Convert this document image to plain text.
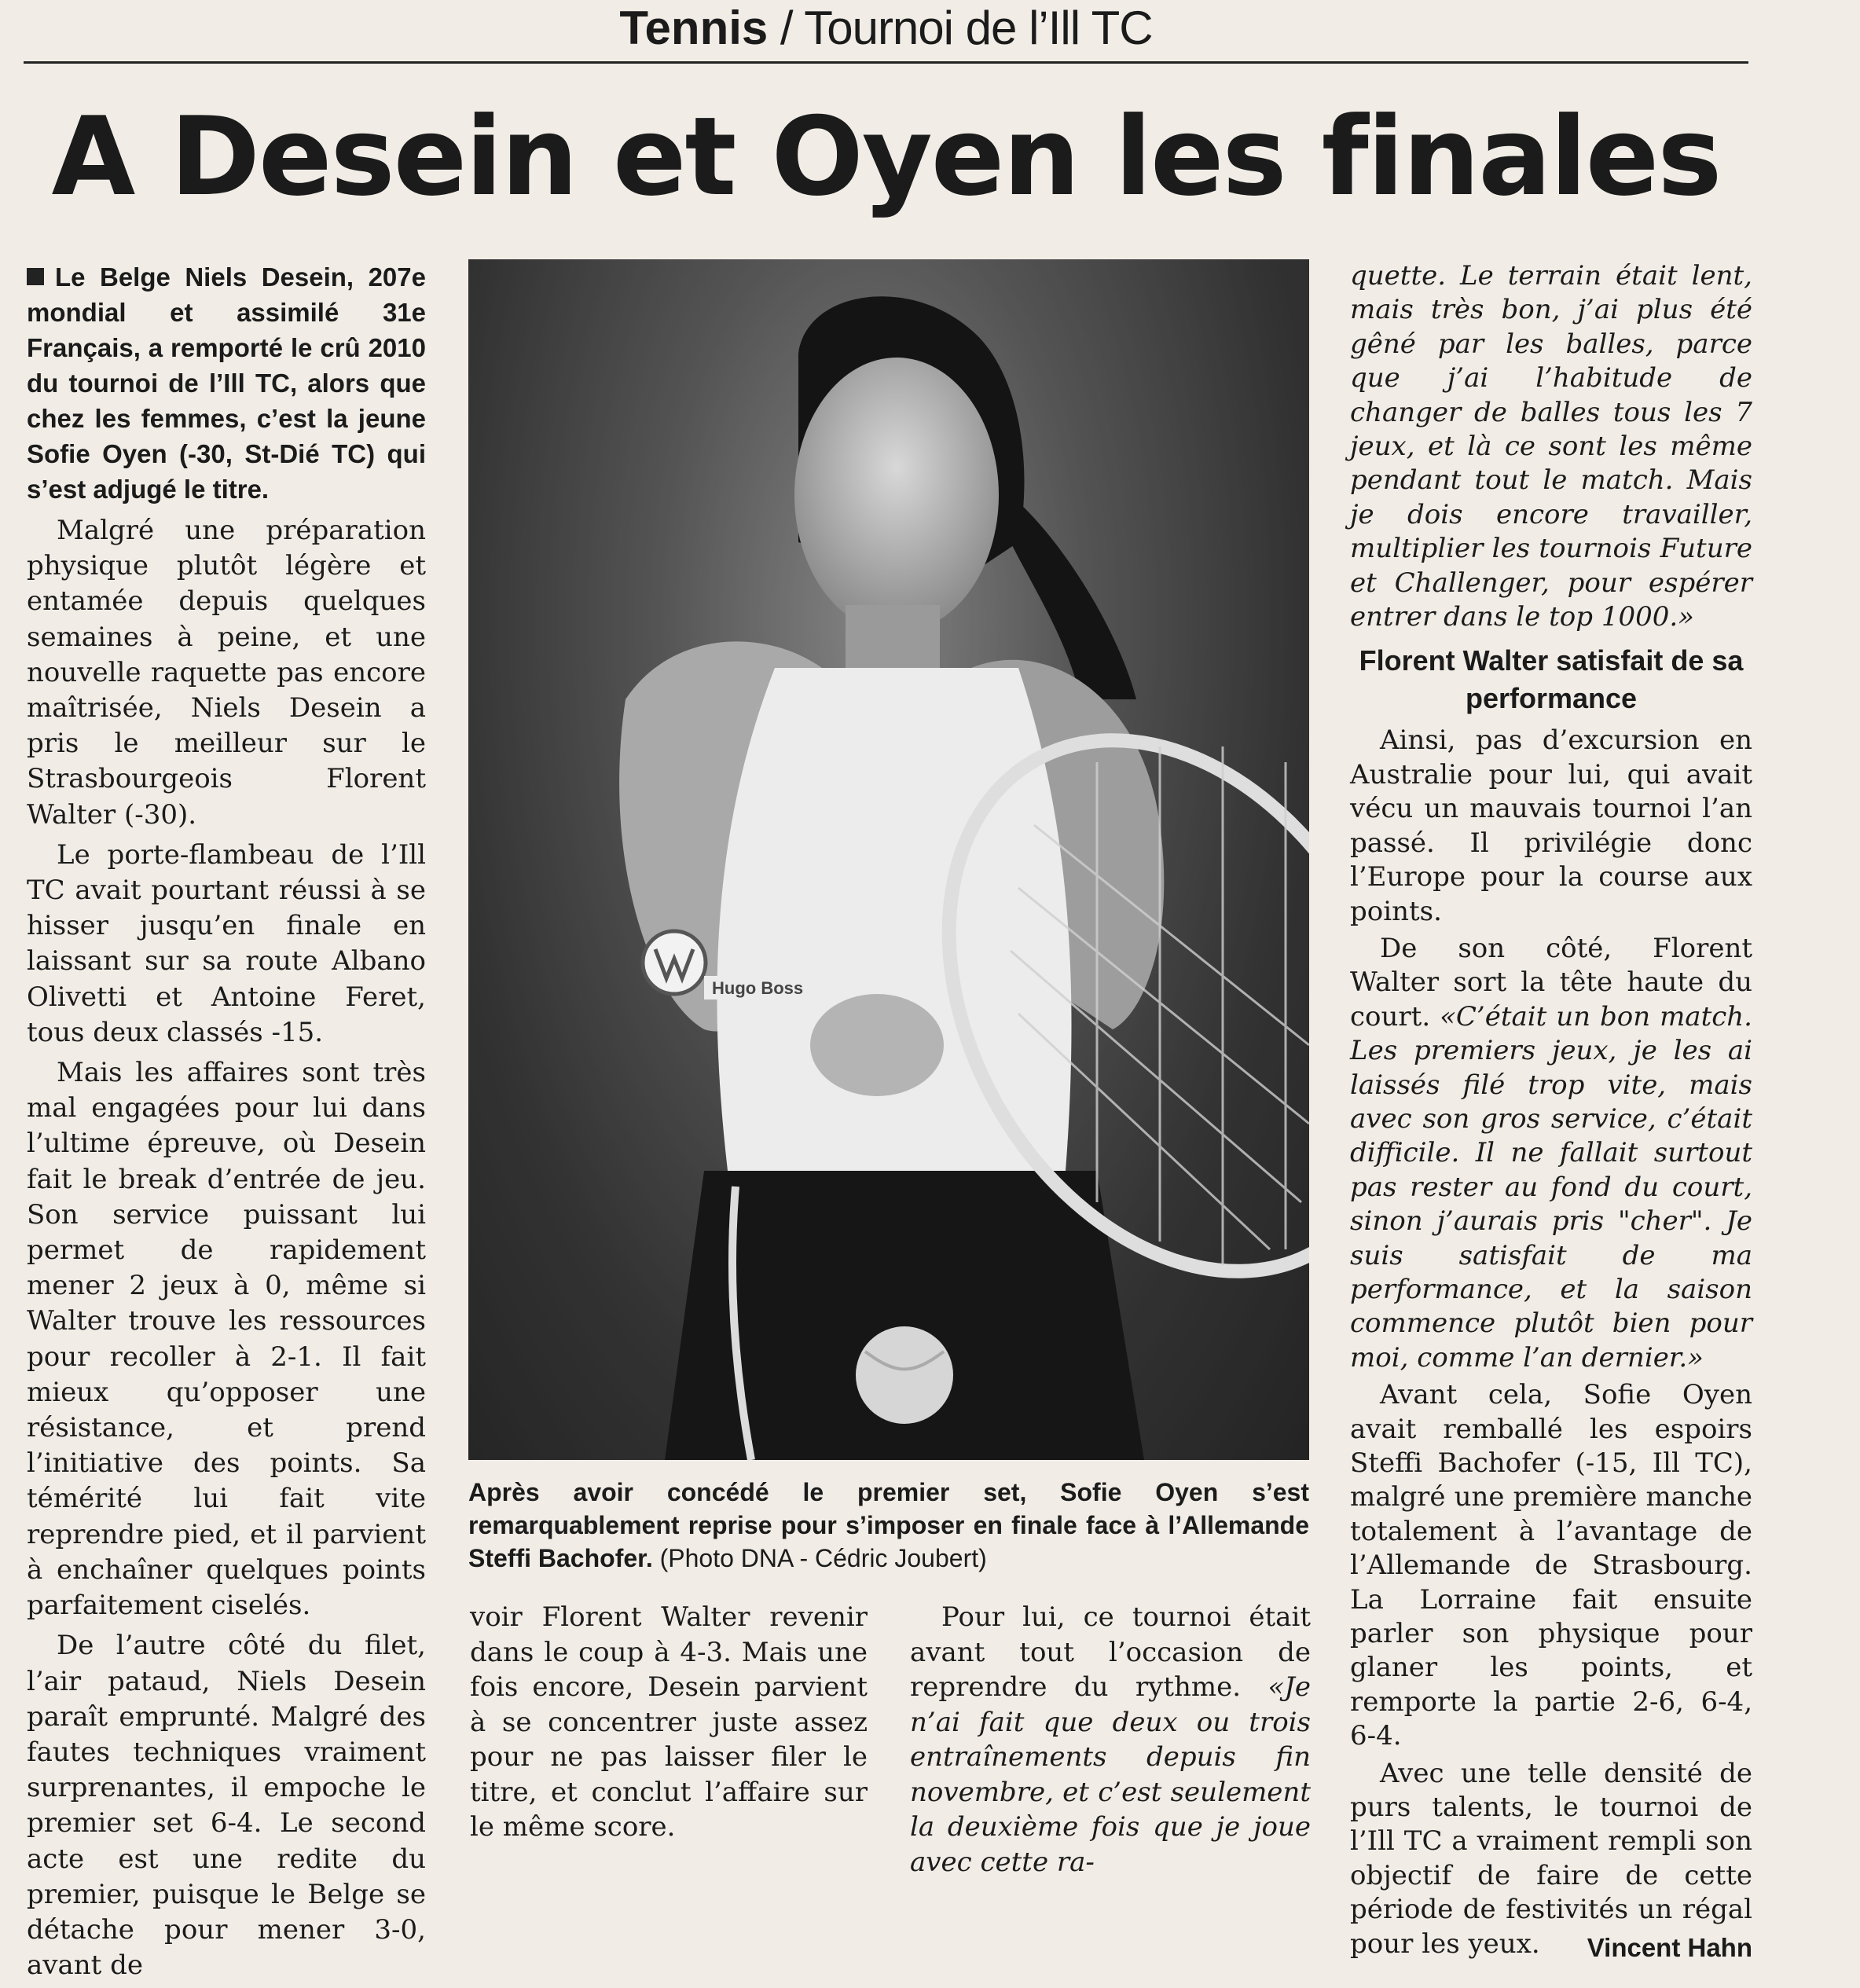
Tennis / Tournoi de l’Ill TC
A Desein et Oyen les finales

Le Belge Niels Desein, 207e mondial et assimilé 31e Français, a remporté le crû 2010 du tournoi de l’Ill TC, alors que chez les femmes, c’est la jeune Sofie Oyen (-30, St-Dié TC) qui s’est adjugé le titre.

Malgré une préparation physique plutôt légère et entamée depuis quelques semaines à peine, et une nouvelle raquette pas encore maîtrisée, Niels Desein a pris le meilleur sur le Strasbourgeois Florent Walter (-30).

Le porte-flambeau de l’Ill TC avait pourtant réussi à se hisser jusqu’en finale en laissant sur sa route Albano Olivetti et Antoine Feret, tous deux classés -15.

Mais les affaires sont très mal engagées pour lui dans l’ultime épreuve, où Desein fait le break d’entrée de jeu. Son service puissant lui permet de rapidement mener 2 jeux à 0, même si Walter trouve les ressources pour recoller à 2-1. Il fait mieux qu’opposer une résistance, et prend l’initiative des points. Sa témérité lui fait vite reprendre pied, et il parvient à enchaîner quelques points parfaitement ciselés.

De l’autre côté du filet, l’air pataud, Niels Desein paraît emprunté. Malgré des fautes techniques vraiment surprenantes, il empoche le premier set 6-4. Le second acte est une redite du premier, puisque le Belge se détache pour mener 3-0, avant de

Hugo Boss
Après avoir concédé le premier set, Sofie Oyen s’est remarquablement reprise pour s’imposer en finale face à l’Allemande Steffi Bachofer. (Photo DNA - Cédric Joubert)

voir Florent Walter revenir dans le coup à 4-3. Mais une fois encore, Desein parvient à se concentrer juste assez pour ne pas laisser filer le titre, et conclut l’affaire sur le même score.

Pour lui, ce tournoi était avant tout l’occasion de reprendre du rythme. «Je n’ai fait que deux ou trois entraînements depuis fin novembre, et c’est seulement la deuxième fois que je joue avec cette ra-

quette. Le terrain était lent, mais très bon, j’ai plus été gêné par les balles, parce que j’ai l’habitude de changer de balles tous les 7 jeux, et là ce sont les même pendant tout le match. Mais je dois encore travailler, multiplier les tournois Future et Challenger, pour espérer entrer dans le top 1000.»

Florent Walter satisfait de sa performance

Ainsi, pas d’excursion en Australie pour lui, qui avait vécu un mauvais tournoi l’an passé. Il privilégie donc l’Europe pour la course aux points.

De son côté, Florent Walter sort la tête haute du court. «C’était un bon match. Les premiers jeux, je les ai laissés filé trop vite, mais avec son gros service, c’était difficile. Il ne fallait surtout pas rester au fond du court, sinon j’aurais pris "cher". Je suis satisfait de ma performance, et la saison commence plutôt bien pour moi, comme l’an dernier.»

Avant cela, Sofie Oyen avait remballé les espoirs Steffi Bachofer (-15, Ill TC), malgré une première manche totalement à l’avantage de l’Allemande de Strasbourg. La Lorraine fait ensuite parler son physique pour glaner les points, et remporte la partie 2-6, 6-4, 6-4.

Avec une telle densité de purs talents, le tournoi de l’Ill TC a vraiment rempli son objectif de faire de cette période de festivités un régal pour les yeux.	Vincent Hahn
